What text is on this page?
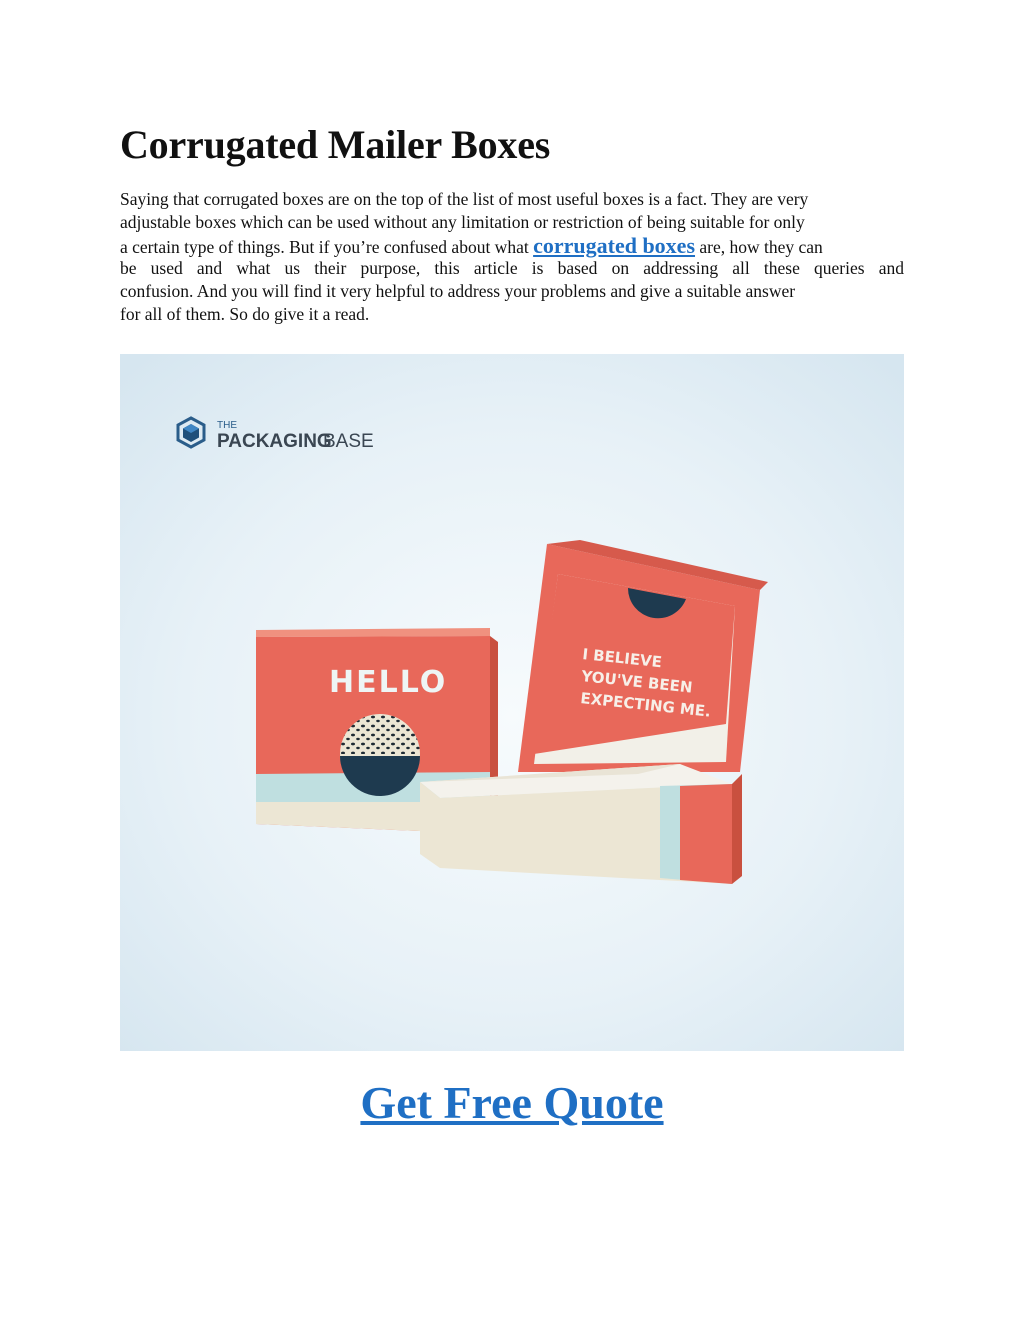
Corrugated Mailer Boxes

Saying that corrugated boxes are on the top of the list of most useful boxes is a fact. They are very
adjustable boxes which can be used without any limitation or restriction of being suitable for only
a certain type of things. But if you’re confused about what corrugated boxes are, how they can
be used and what us their purpose, this article is based on addressing all these queries and
confusion. And you will find it very helpful to address your problems and give a suitable answer
for all of them. So do give it a read.

THE
PACKAGING
BASE
HELLO
I BELIEVE
YOU'VE BEEN
EXPECTING ME.

Get Free Quote
